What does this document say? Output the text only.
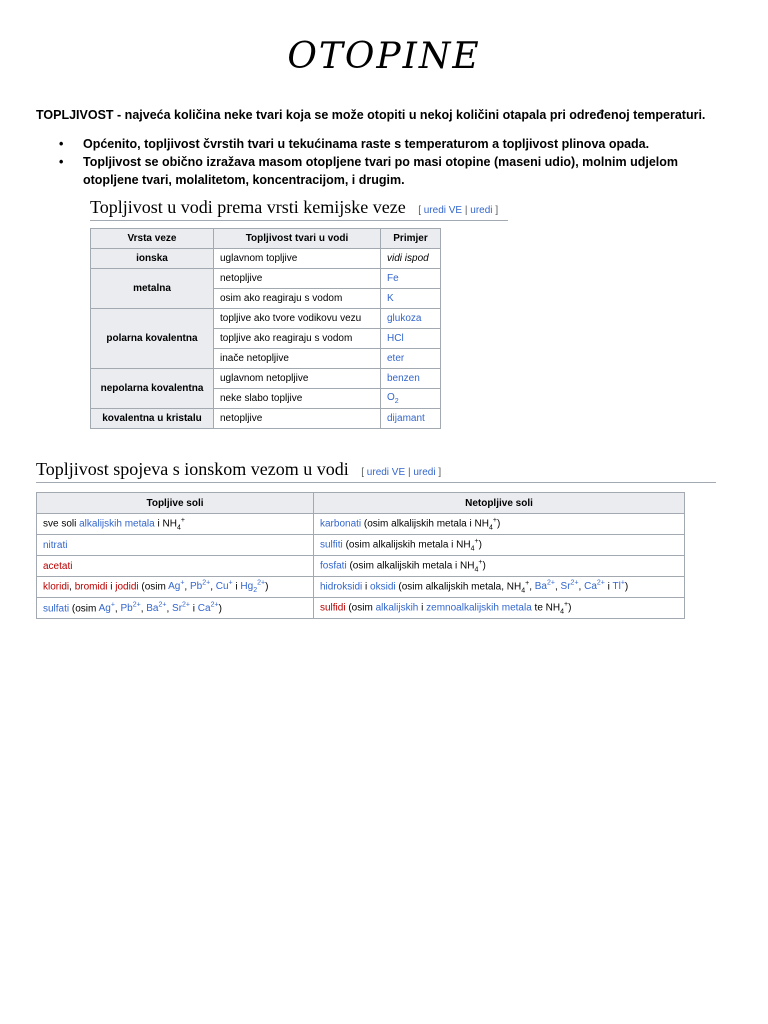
OTOPINE
TOPLJIVOST - najveća količina neke tvari koja se može otopiti u nekoj količini otapala pri određenoj temperaturi.
• Općenito, topljivost čvrstih tvari u tekućinama raste s temperaturom a topljivost plinova opada.
• Topljivost se obično izražava masom otopljene tvari po masi otopine (maseni udio), molnim udjelom otopljene tvari, molalitetom, koncentracijom, i drugim.
Topljivost u vodi prema vrsti kemijske veze [ uredi VE | uredi ]
Vrsta veze	Topljivost tvari u vodi	Primjer
ionska	uglavnom topljive	vidi ispod
metalna	netopljive	Fe
	osim ako reagiraju s vodom	K
polarna kovalentna	topljive ako tvore vodikovu vezu	glukoza
	topljive ako reagiraju s vodom	HCl
	inače netopljive	eter
nepolarna kovalentna	uglavnom netopljive	benzen
	neke slabo topljive	$O_2$
kovalentna u kristalu	netopljive	dijamant
Topljivost spojeva s ionskom vezom u vodi [ uredi VE | uredi ]
Topljive soli	Netopljive soli
sve soli alkalijskih metala i $NH_4^+$	karbonati (osim alkalijskih metala i $NH_4^+$)
nitrati	sulfiti (osim alkalijskih metala i $NH_4^+$)
acetati	fosfati (osim alkalijskih metala i $NH_4^+$)
kloridi, bromidi i jodidi (osim Ag+, $Pb^{2+}$, Cu+ i $Hg_2^{2+}$)	hidroksidi i oksidi (osim alkalijskih metala, $NH_4^+$, $Ba^{2+}$, $Sr^{2+}$, $Ca^{2+}$ i Tl+)
sulfati (osim Ag+, $Pb^{2+}$, $Ba^{2+}$, $Sr^{2+}$ i $Ca^{2+}$)	sulfidi (osim alkalijskih i zemnoalkalijskih metala te $NH_4^+$)
